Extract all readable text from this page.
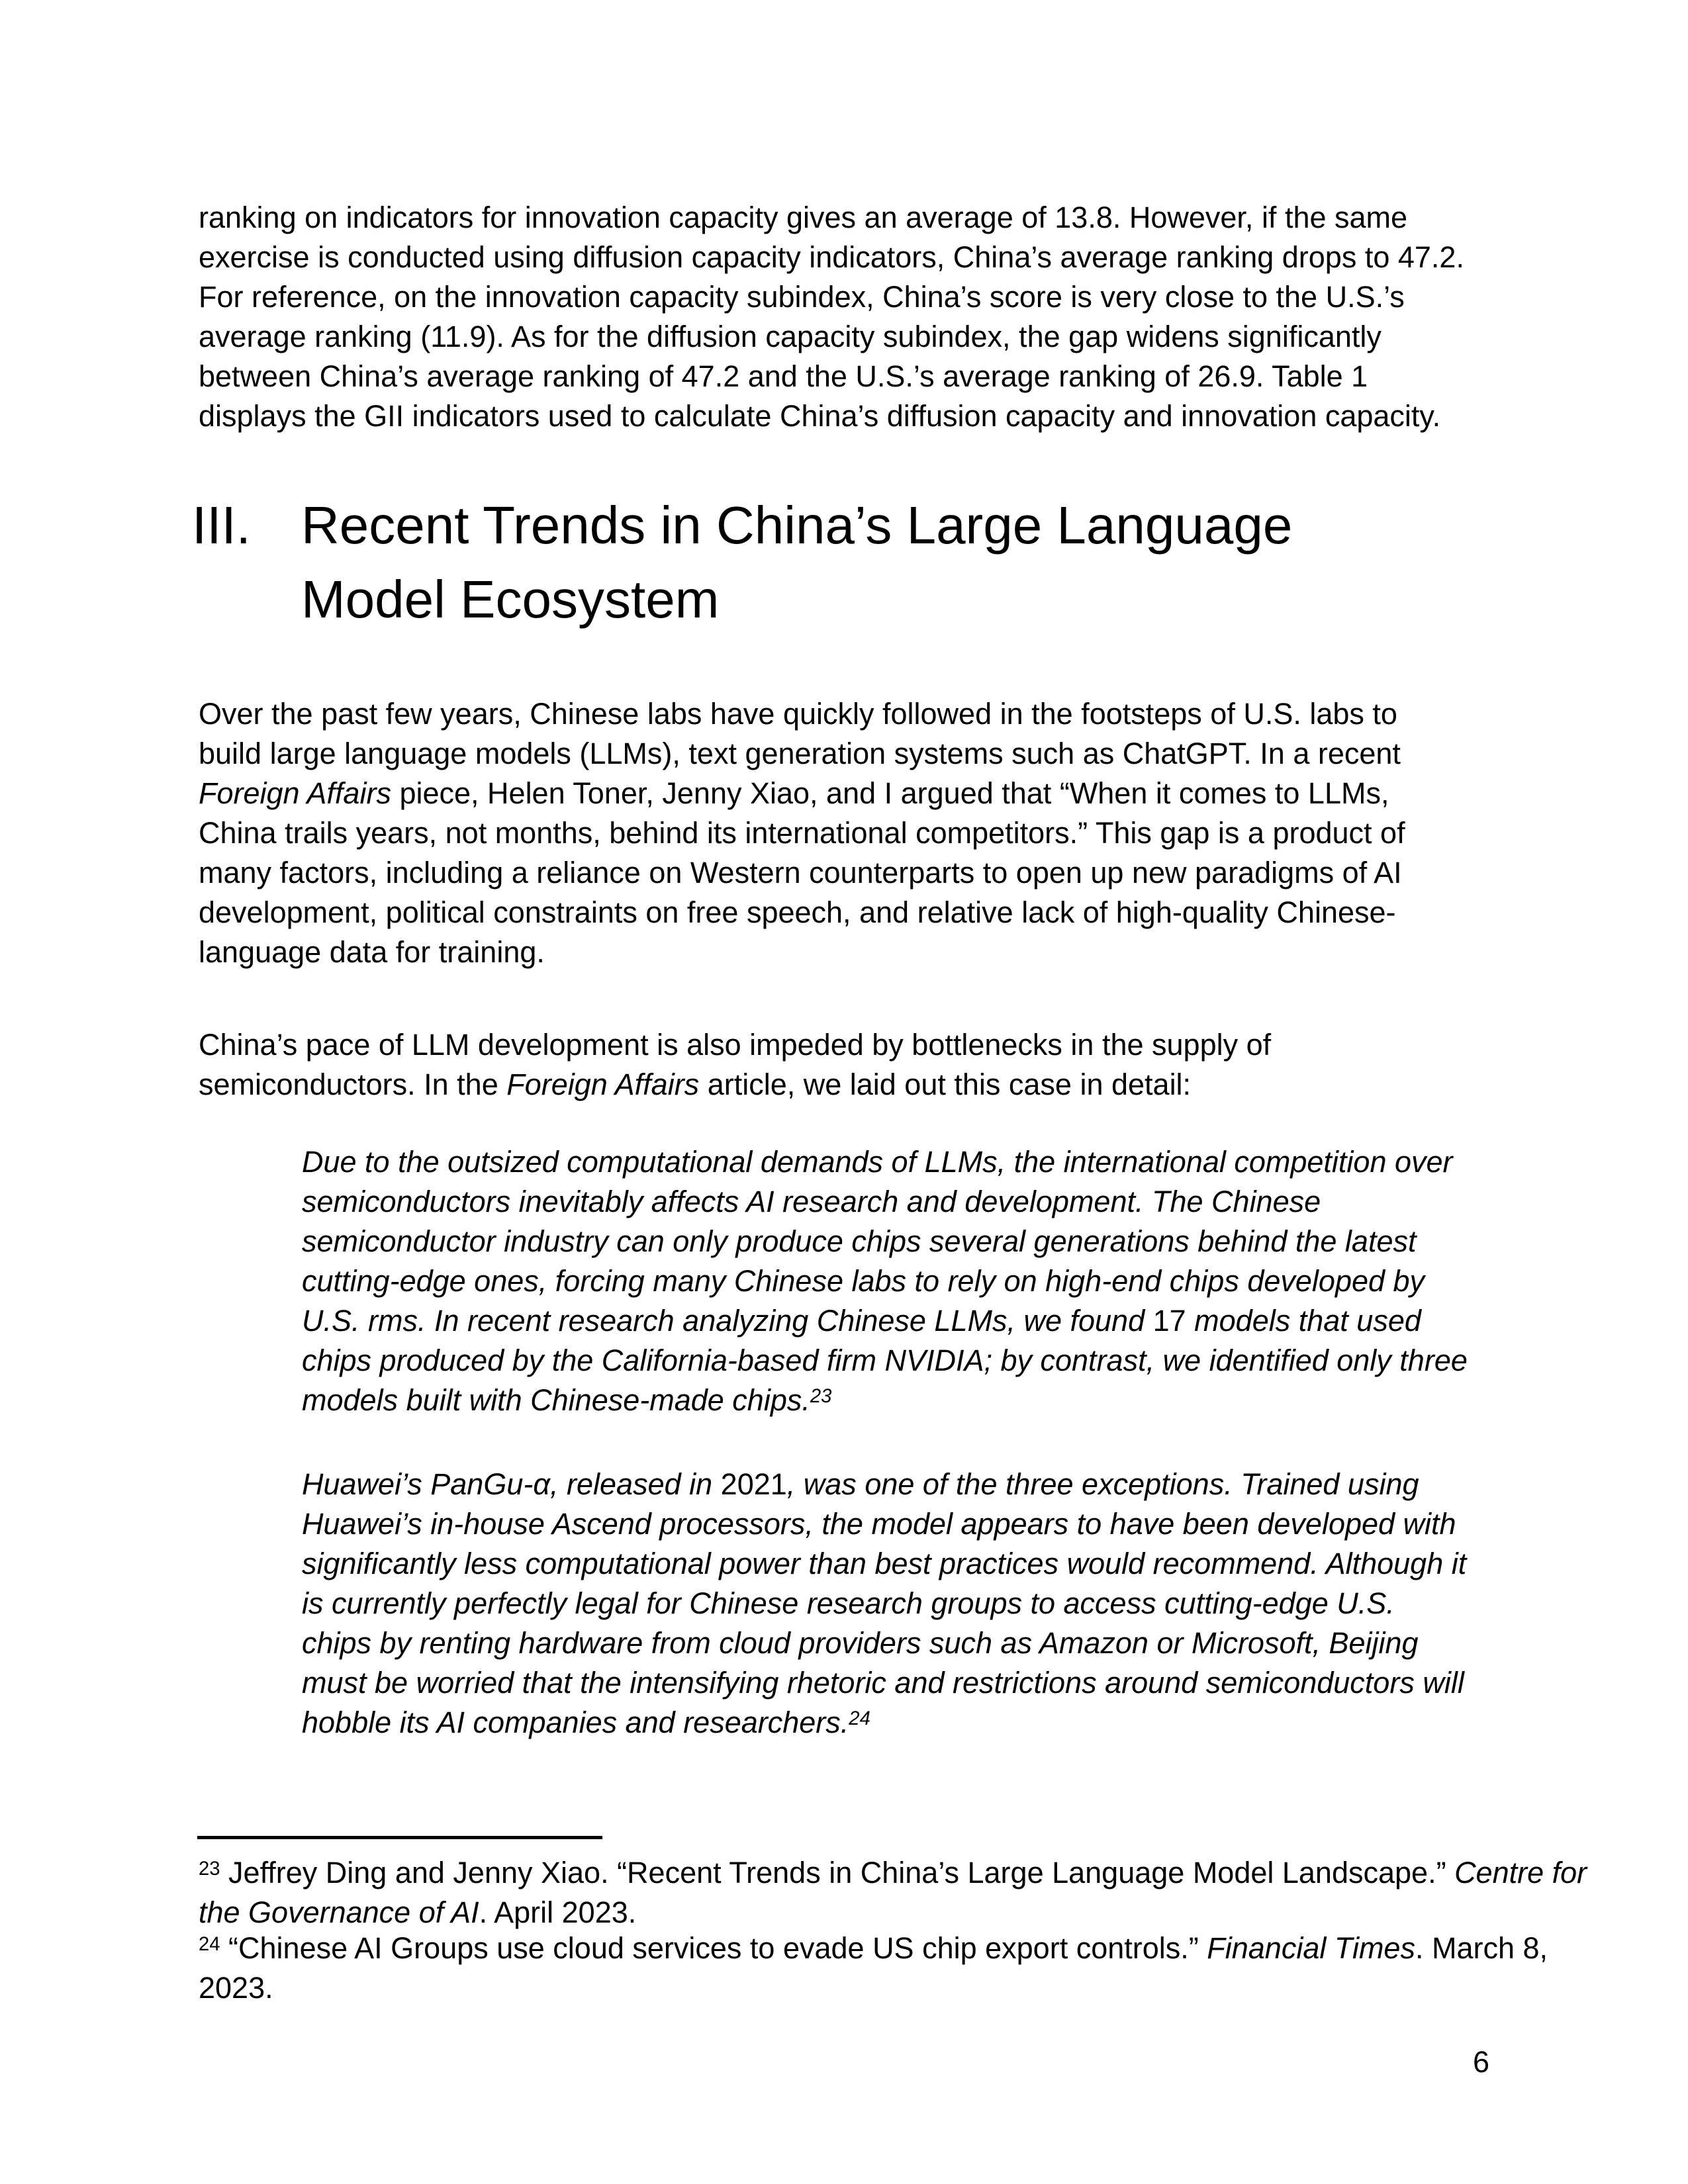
ranking on indicators for innovation capacity gives an average of 13.8. However, if the same
exercise is conducted using diffusion capacity indicators, China’s average ranking drops to 47.2.
For reference, on the innovation capacity subindex, China’s score is very close to the U.S.’s
average ranking (11.9). As for the diffusion capacity subindex, the gap widens significantly
between China’s average ranking of 47.2 and the U.S.’s average ranking of 26.9. Table 1
displays the GII indicators used to calculate China’s diffusion capacity and innovation capacity.
III. Recent Trends in China’s Large Language
Model Ecosystem
Over the past few years, Chinese labs have quickly followed in the footsteps of U.S. labs to
build large language models (LLMs), text generation systems such as ChatGPT. In a recent
Foreign Affairs piece, Helen Toner, Jenny Xiao, and I argued that “When it comes to LLMs,
China trails years, not months, behind its international competitors.” This gap is a product of
many factors, including a reliance on Western counterparts to open up new paradigms of AI
development, political constraints on free speech, and relative lack of high-quality Chinese-
language data for training.
China’s pace of LLM development is also impeded by bottlenecks in the supply of
semiconductors. In the Foreign Affairs article, we laid out this case in detail:
Due to the outsized computational demands of LLMs, the international competition over
semiconductors inevitably affects AI research and development. The Chinese
semiconductor industry can only produce chips several generations behind the latest
cutting-edge ones, forcing many Chinese labs to rely on high-end chips developed by
U.S. rms. In recent research analyzing Chinese LLMs, we found 17 models that used
chips produced by the California-based firm NVIDIA; by contrast, we identified only three
models built with Chinese-made chips.$^{23}$
Huawei’s PanGu-α, released in 2021, was one of the three exceptions. Trained using
Huawei’s in-house Ascend processors, the model appears to have been developed with
significantly less computational power than best practices would recommend. Although it
is currently perfectly legal for Chinese research groups to access cutting-edge U.S.
chips by renting hardware from cloud providers such as Amazon or Microsoft, Beijing
must be worried that the intensifying rhetoric and restrictions around semiconductors will
hobble its AI companies and researchers.$^{24}$
$^{23}$ Jeffrey Ding and Jenny Xiao. “Recent Trends in China’s Large Language Model Landscape.” Centre for
the Governance of AI. April 2023.
$^{24}$ “Chinese AI Groups use cloud services to evade US chip export controls.” Financial Times. March 8,
2023.
6
